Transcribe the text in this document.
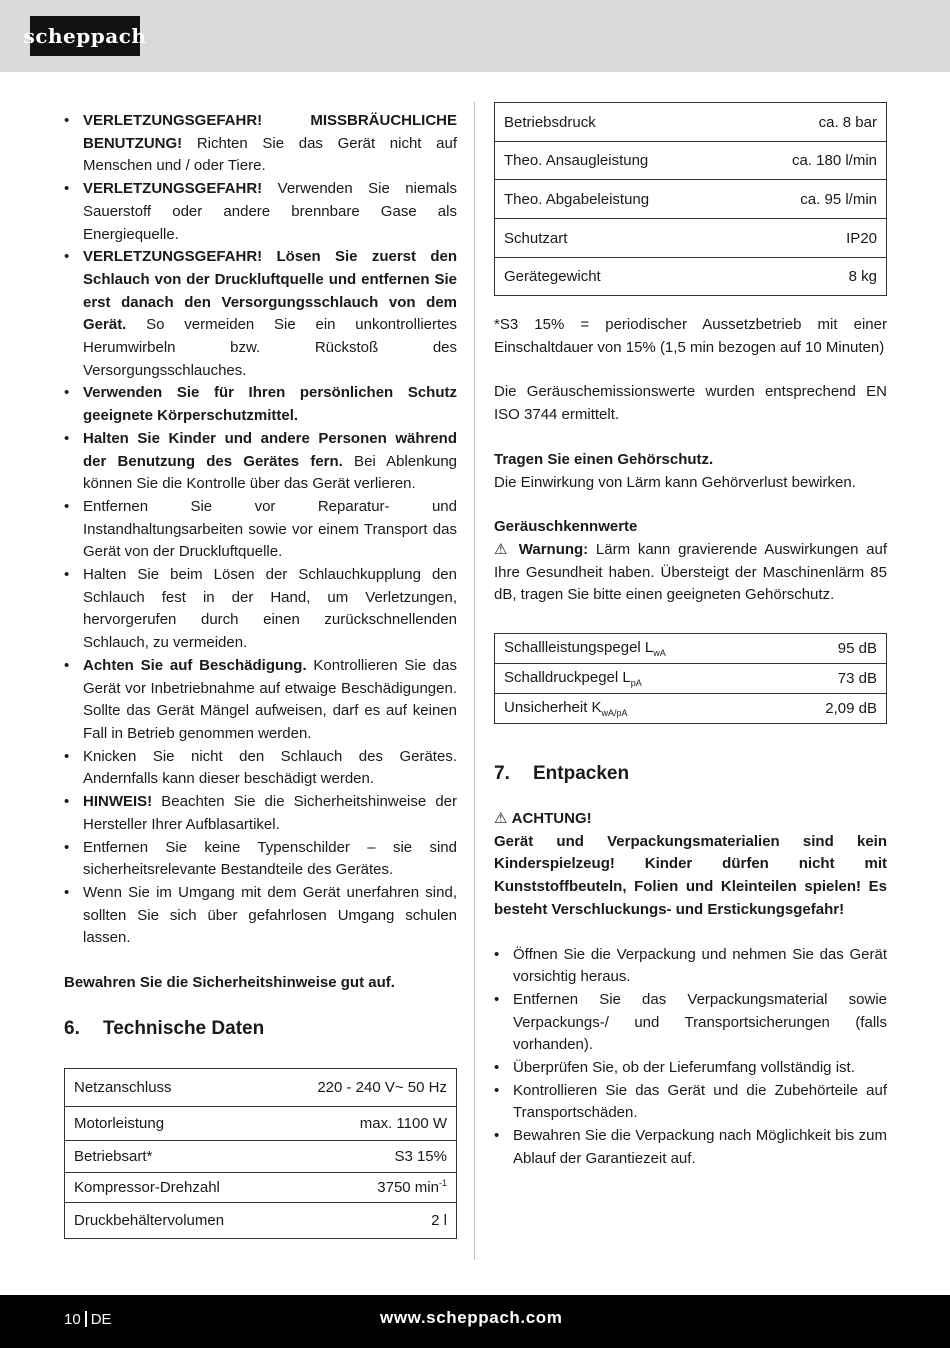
scheppach
• VERLETZUNGSGEFAHR! MISSBRÄUCHLICHE BENUTZUNG! Richten Sie das Gerät nicht auf Menschen und / oder Tiere.
• VERLETZUNGSGEFAHR! Verwenden Sie niemals Sauerstoff oder andere brennbare Gase als Energiequelle.
• VERLETZUNGSGEFAHR! Lösen Sie zuerst den Schlauch von der Druckluftquelle und entfernen Sie erst danach den Versorgungsschlauch von dem Gerät. So vermeiden Sie ein unkontrolliertes Herumwirbeln bzw. Rückstoß des Versorgungsschlauches.
• Verwenden Sie für Ihren persönlichen Schutz geeignete Körperschutzmittel.
• Halten Sie Kinder und andere Personen während der Benutzung des Gerätes fern. Bei Ablenkung können Sie die Kontrolle über das Gerät verlieren.
• Entfernen Sie vor Reparatur- und Instandhaltungsarbeiten sowie vor einem Transport das Gerät von der Druckluftquelle.
• Halten Sie beim Lösen der Schlauchkupplung den Schlauch fest in der Hand, um Verletzungen, hervorgerufen durch einen zurückschnellenden Schlauch, zu vermeiden.
• Achten Sie auf Beschädigung. Kontrollieren Sie das Gerät vor Inbetriebnahme auf etwaige Beschädigungen. Sollte das Gerät Mängel aufweisen, darf es auf keinen Fall in Betrieb genommen werden.
• Knicken Sie nicht den Schlauch des Gerätes. Andernfalls kann dieser beschädigt werden.
• HINWEIS! Beachten Sie die Sicherheitshinweise der Hersteller Ihrer Aufblasartikel.
• Entfernen Sie keine Typenschilder – sie sind sicherheitsrelevante Bestandteile des Gerätes.
• Wenn Sie im Umgang mit dem Gerät unerfahren sind, sollten Sie sich über gefahrlosen Umgang schulen lassen.

Bewahren Sie die Sicherheitshinweise gut auf.

6.	Technische Daten
Netzanschluss	220 - 240 V~ 50 Hz
Motorleistung	max. 1100 W
Betriebsart*	S3 15%
Kompressor-Drehzahl	3750 $\min^{-1}$
Druckbehältervolumen	2 l
Betriebsdruck	ca. 8 bar
Theo. Ansaugleistung	ca. 180 l/min
Theo. Abgabeleistung	ca. 95 l/min
Schutzart	IP20
Gerätegewicht	8 kg

*S3 15% = periodischer Aussetzbetrieb mit einer Einschaltdauer von 15% (1,5 min bezogen auf 10 Minuten)

Die Geräuschemissionswerte wurden entsprechend EN ISO 3744 ermittelt.

Tragen Sie einen Gehörschutz.

Die Einwirkung von Lärm kann Gehörverlust bewirken.

Geräuschkennwerte

⚠ Warnung: Lärm kann gravierende Auswirkungen auf Ihre Gesundheit haben. Übersteigt der Maschinenlärm 85 dB, tragen Sie bitte einen geeigneten Gehörschutz.

Schallleistungspegel $L_{wA}$	95 dB
Schalldruckpegel $L_{pA}$	73 dB
Unsicherheit $K_{wA/pA}$	2,09 dB
7.	Entpacken

⚠ ACHTUNG!

Gerät und Verpackungsmaterialien sind kein Kinderspielzeug! Kinder dürfen nicht mit Kunststoffbeuteln, Folien und Kleinteilen spielen! Es besteht Verschluckungs- und Erstickungsgefahr!

• Öffnen Sie die Verpackung und nehmen Sie das Gerät vorsichtig heraus.
• Entfernen Sie das Verpackungsmaterial sowie Verpackungs-/ und Transportsicherungen (falls vorhanden).
• Überprüfen Sie, ob der Lieferumfang vollständig ist.
• Kontrollieren Sie das Gerät und die Zubehörteile auf Transportschäden.
• Bewahren Sie die Verpackung nach Möglichkeit bis zum Ablauf der Garantiezeit auf.
10 DE	www.scheppach.com
